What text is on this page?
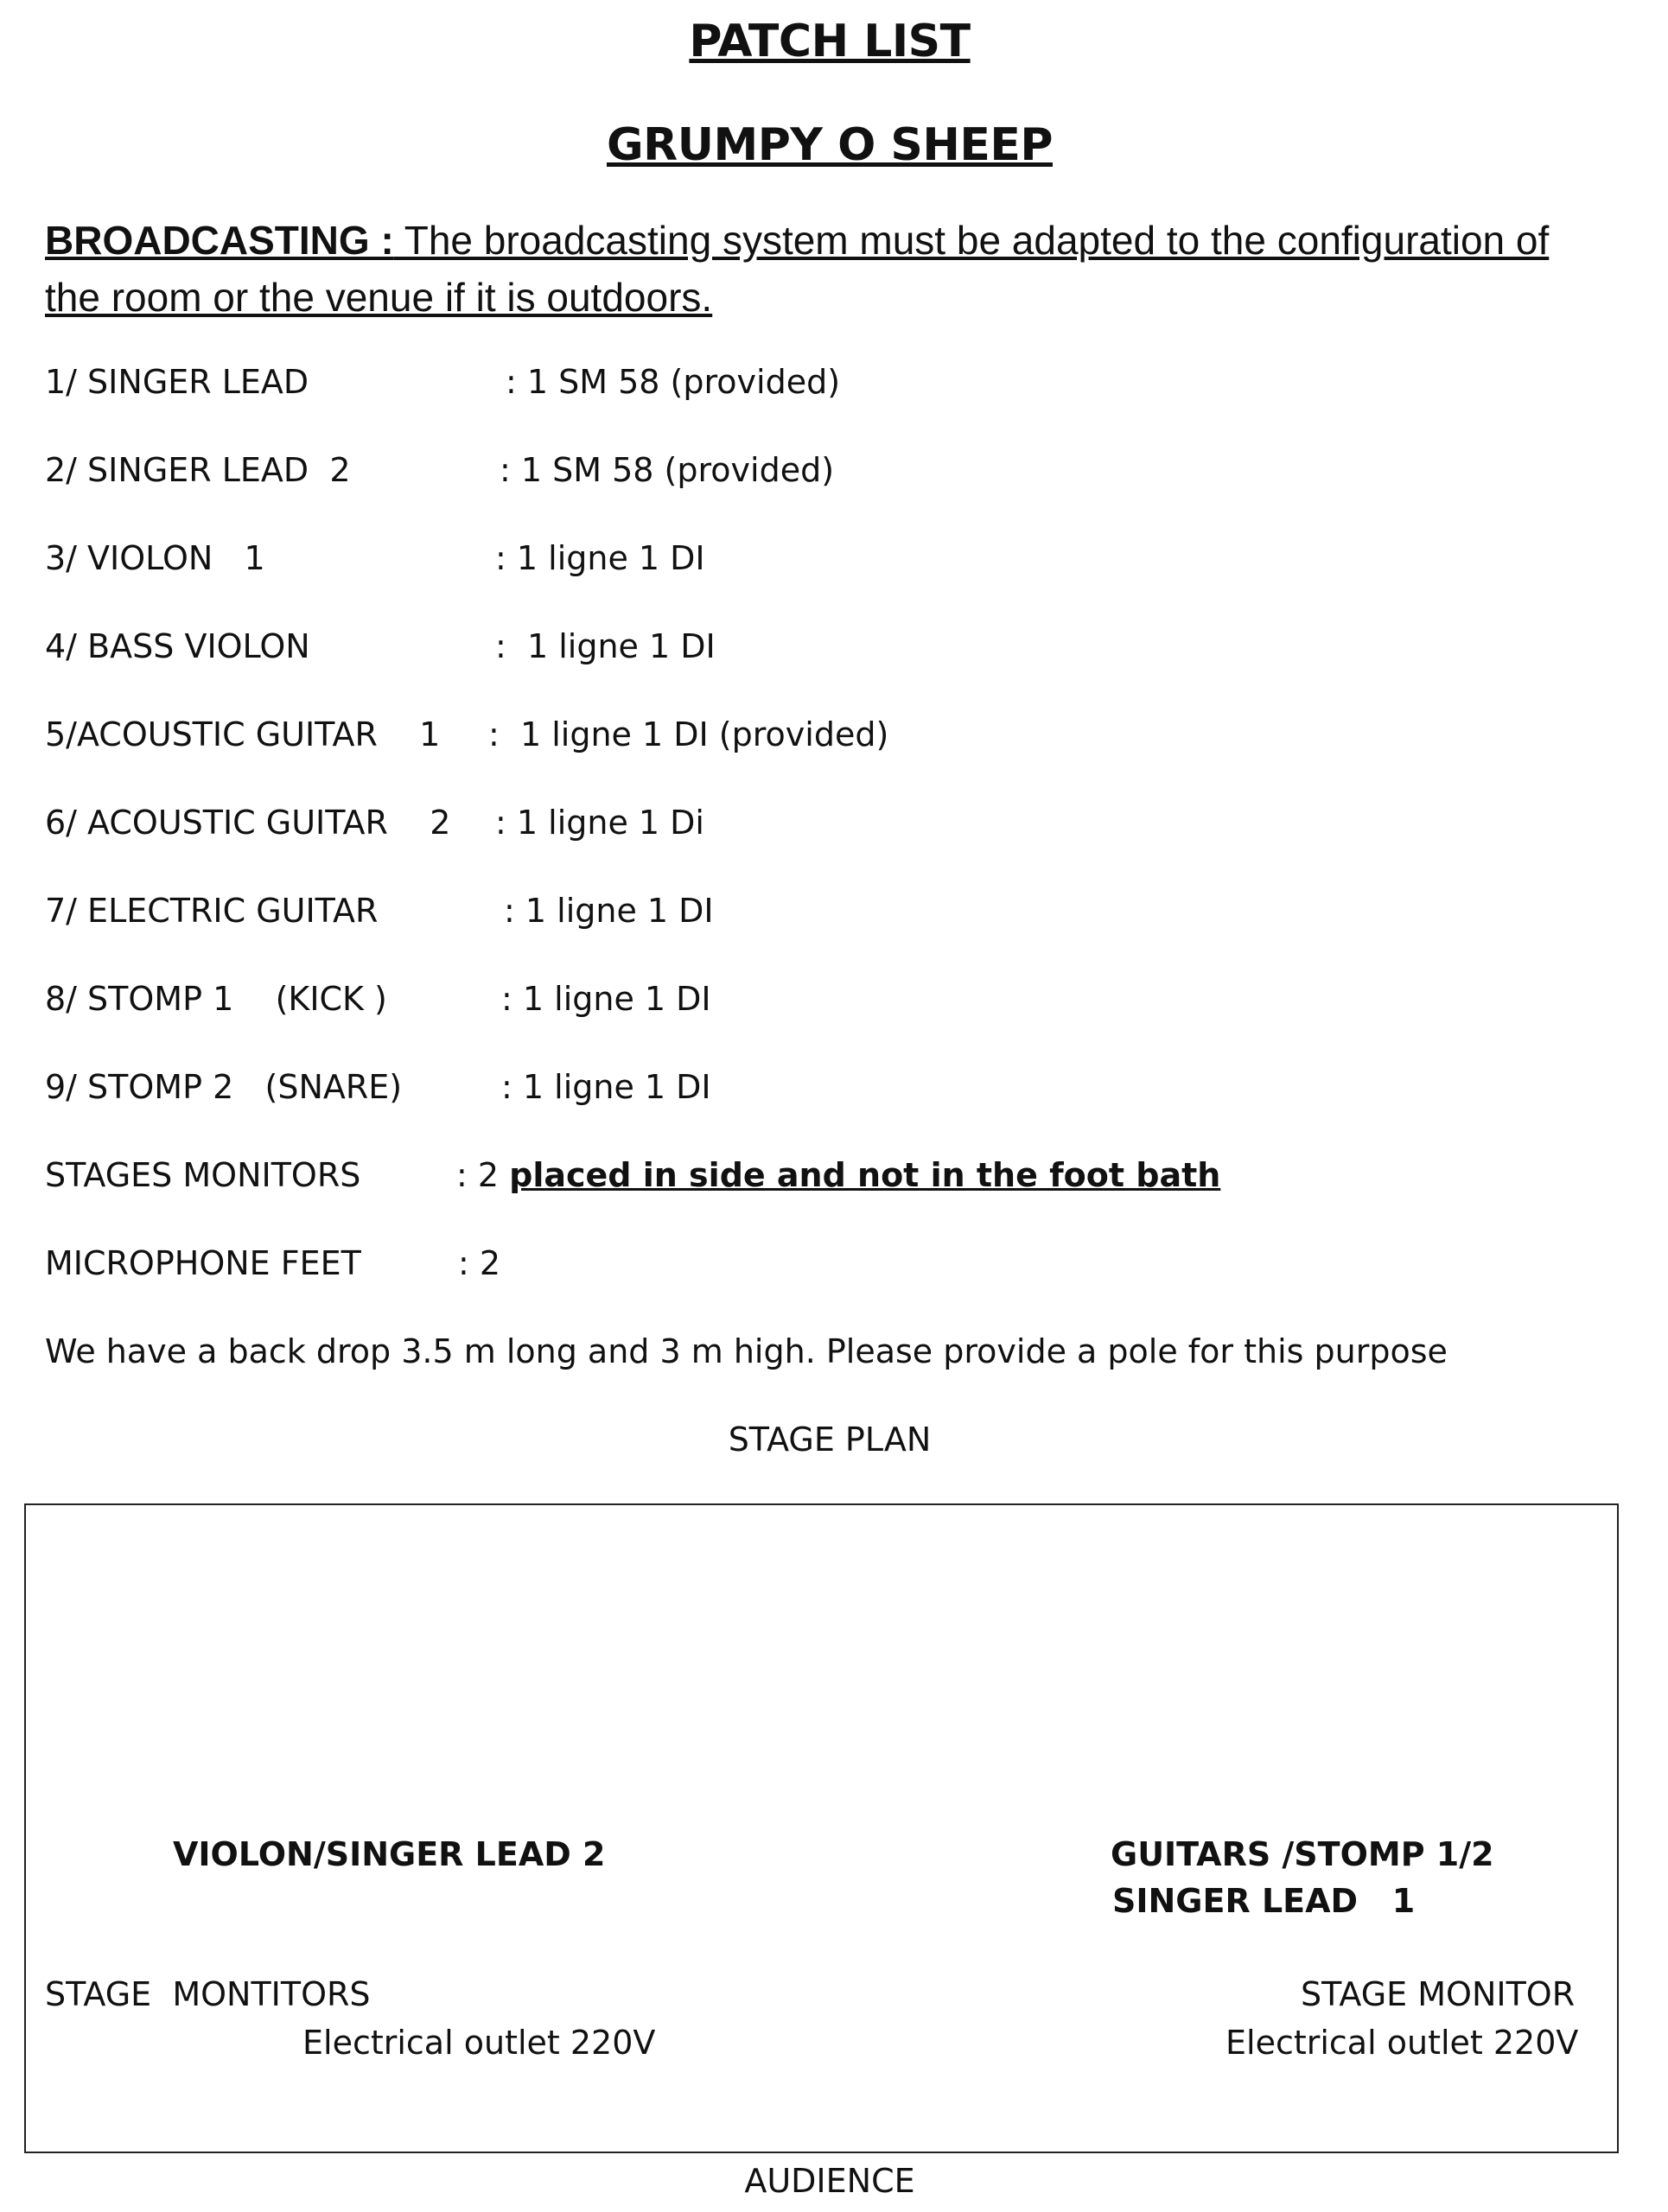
PATCH LIST
GRUMPY O SHEEP
BROADCASTING : The broadcasting system must be adapted to the configuration of the room or the venue if it is outdoors.
1/ SINGER LEAD	: 1 SM 58 (provided)
2/ SINGER LEAD  2	: 1 SM 58 (provided)
3/ VIOLON   1	: 1 ligne 1 DI
4/ BASS VIOLON	:  1 ligne 1 DI
5/ACOUSTIC GUITAR    1 :  1 ligne 1 DI (provided)
6/ ACOUSTIC GUITAR    2 : 1 ligne 1 Di
7/ ELECTRIC GUITAR	: 1 ligne 1 DI
8/ STOMP 1    (KICK )	: 1 ligne 1 DI
9/ STOMP 2   (SNARE)	: 1 ligne 1 DI
STAGES MONITORS	: 2 placed in side and not in the foot bath
MICROPHONE FEET	: 2
We have a back drop 3.5 m long and 3 m high. Please provide a pole for this purpose
STAGE PLAN
VIOLON/SINGER LEAD 2	GUITARS /STOMP 1/2
SINGER LEAD   1
STAGE  MONTITORS
Electrical outlet 220V
STAGE MONITOR
Electrical outlet 220V
AUDIENCE
